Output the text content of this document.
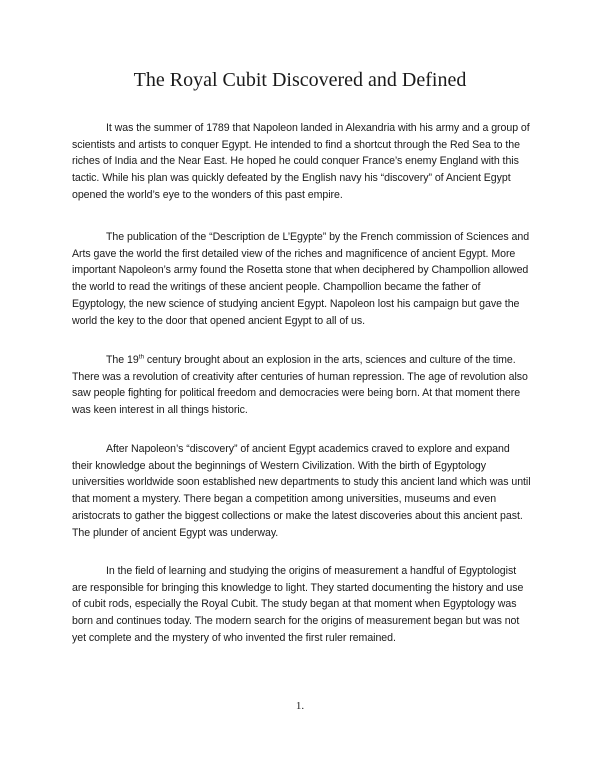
The Royal Cubit Discovered and Defined

It was the summer of 1789 that Napoleon landed in Alexandria with his army and a group of scientists and artists to conquer Egypt. He intended to find a shortcut through the Red Sea to the riches of India and the Near East. He hoped he could conquer France’s enemy England with this tactic. While his plan was quickly defeated by the English navy his “discovery” of Ancient Egypt opened the world’s eye to the wonders of this past empire.

The publication of the “Description de L’Egypte” by the French commission of Sciences and Arts gave the world the first detailed view of the riches and magnificence of ancient Egypt. More important Napoleon’s army found the Rosetta stone that when deciphered by Champollion allowed the world to read the writings of these ancient people. Champollion became the father of Egyptology, the new science of studying ancient Egypt. Napoleon lost his campaign but gave the world the key to the door that opened ancient Egypt to all of us.

The 19th century brought about an explosion in the arts, sciences and culture of the time. There was a revolution of creativity after centuries of human repression. The age of revolution also saw people fighting for political freedom and democracies were being born. At that moment there was keen interest in all things historic.

After Napoleon’s “discovery” of ancient Egypt academics craved to explore and expand their knowledge about the beginnings of Western Civilization. With the birth of Egyptology universities worldwide soon established new departments to study this ancient land which was until that moment a mystery. There began a competition among universities, museums and even aristocrats to gather the biggest collections or make the latest discoveries about this ancient past. The plunder of ancient Egypt was underway.

In the field of learning and studying the origins of measurement a handful of Egyptologist are responsible for bringing this knowledge to light. They started documenting the history and use of cubit rods, especially the Royal Cubit. The study began at that moment when Egyptology was born and continues today. The modern search for the origins of measurement began but was not yet complete and the mystery of who invented the first ruler remained.

1.
